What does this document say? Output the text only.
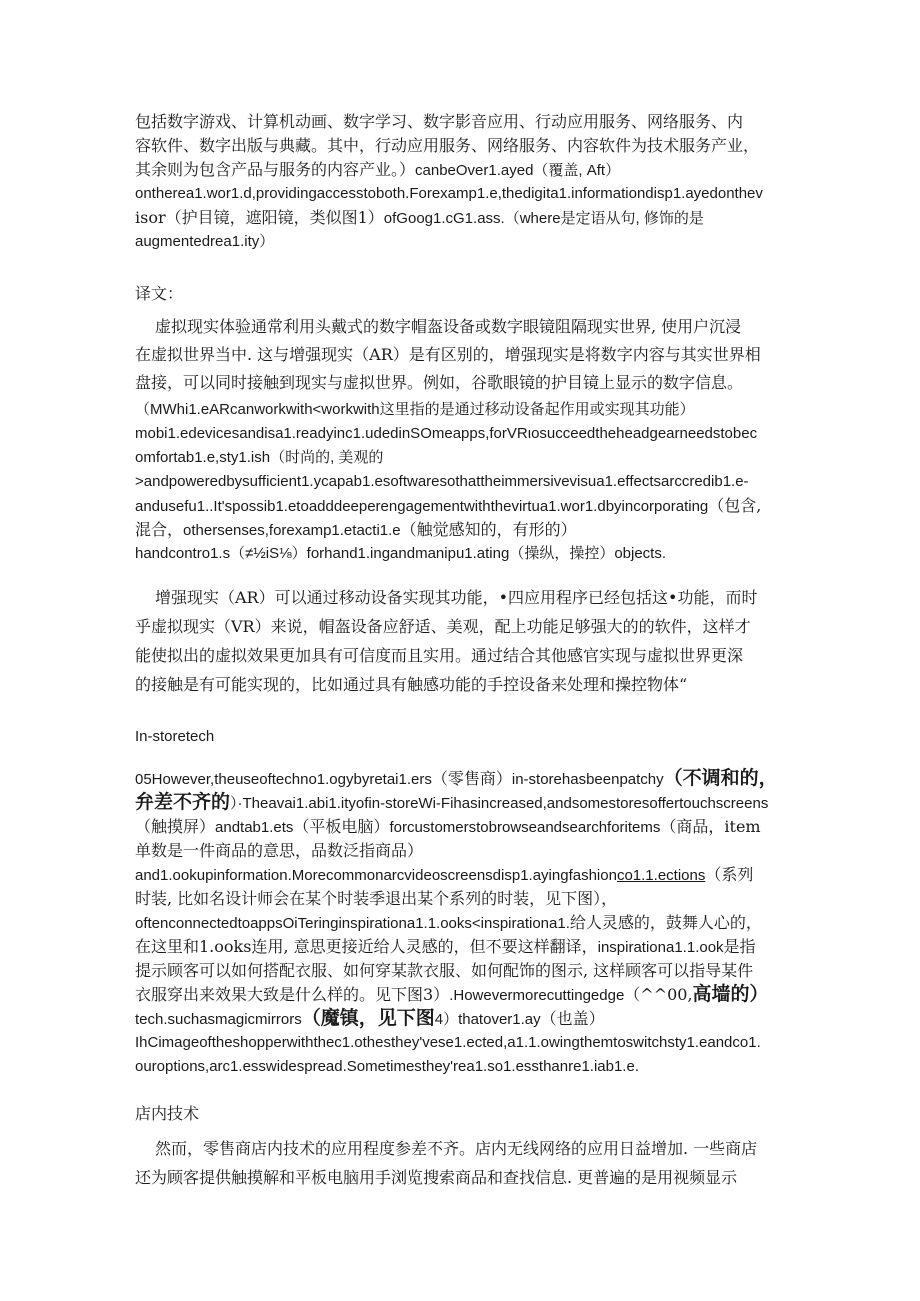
包括数字游戏、计算机动画、数字学习、数字影音应用、行动应用服务、网络服务、内
容软件、数字出版与典藏。其中，行动应用服务、网络服务、内容软件为技术服务产业，
其余则为包含产品与服务的内容产业。）canbeOver1.ayed（覆盖, Aft）
ontherea1.wor1.d,providingaccesstoboth.Forexamp1.e,thedigita1.informationdisp1.ayedonthev
isor（护目镜，遮阳镜，类似图1）ofGoog1.cG1.ass.（where是定语从句, 修饰的是
augmentedrea1.ity）
译文：
虚拟现实体验通常利用头戴式的数字帽盔设备或数字眼镜阻隔现实世界, 使用户沉浸
在虚拟世界当中. 这与增强现实（AR）是有区别的，增强现实是将数字内容与其实世界相
盘接，可以同时接触到现实与虚拟世界。例如，谷歌眼镜的护目镜上显示的数字信息。
（MWhi1.eARcanworkwith<workwith这里指的是通过移动设备起作用或实现其功能）
mobi1.edevicesandisa1.readyinc1.udedinSOmeapps,forVRιosucceedtheheadgearneedstobec
omfortab1.e,sty1.ish（时尚的, 美观的
>andpoweredbysufficient1.ycapab1.esoftwaresothattheimmersivevisua1.effectsarccredib1.e-
andusefu1..It'spossib1.etoadddeeperengagementwiththevirtua1.wor1.dbyincorporating（包含,
混合，othersenses,forexamp1.etacti1.e（触觉感知的，有形的）
handcontro1.s（≠½iS⅛）forhand1.ingandmanipu1.ating（操纵，操控）objects.
增强现实（AR）可以通过移动设备实现其功能，•四应用程序已经包括这•功能，而时
乎虚拟现实（VR）来说，帽盔设备应舒适、美观，配上功能足够强大的的软件，这样才
能使拟出的虚拟效果更加具有可信度而且实用。通过结合其他感官实现与虚拟世界更深
的接触是有可能实现的，比如通过具有触感功能的手控设备来处理和操控物体“
In-storetech
05However,theuseoftechno1.ogybyretai1.ers（零售商）in-storehasbeenpatchy（不调和的，
弁差不齐的）·Theavai1.abi1.ityofin-storeWi-Fihasincreased,andsomestoresoffertouchscreens
（触摸屏）andtab1.ets（平板电脑）forcustomerstobrowseandsearchforitems（商品，item
单数是一件商品的意思，品数泛指商品）
and1.ookupinformation.Morecommonarcvideoscreensdisp1.ayingfashionco1.1.ections（系列
时装, 比如名设计师会在某个时装季退出某个系列的时装，见下图），
oftenconnectedtoappsOiTeringinspirationa1.1.ooks<inspirationa1.给人灵感的，鼓舞人心的，
在这里和1.ooks连用, 意思更接近给人灵感的，但不要这样翻译，inspirationa1.1.ook是指
提示顾客可以如何搭配衣服、如何穿某款衣服、如何配饰的图示, 这样顾客可以指导某件
衣服穿出来效果大致是什么样的。见下图3）.Howevermorecuttingedge（^^00,高墙的）
tech.suchasmagicmirrors（魔镇，见下图4）thatover1.ay（也盖）
IhCimageoftheshopperwiththec1.othesthey'vese1.ected,a1.1.owingthemtoswitchsty1.eandco1.
ouroptions,arc1.esswidespread.Sometimesthey'rea1.so1.essthanre1.iab1.e.
店内技术
然而，零售商店内技术的应用程度参差不齐。店内无线网络的应用日益增加. 一些商店
还为顾客提供触摸解和平板电脑用手浏览搜索商品和查找信息. 更普遍的是用视频显示
